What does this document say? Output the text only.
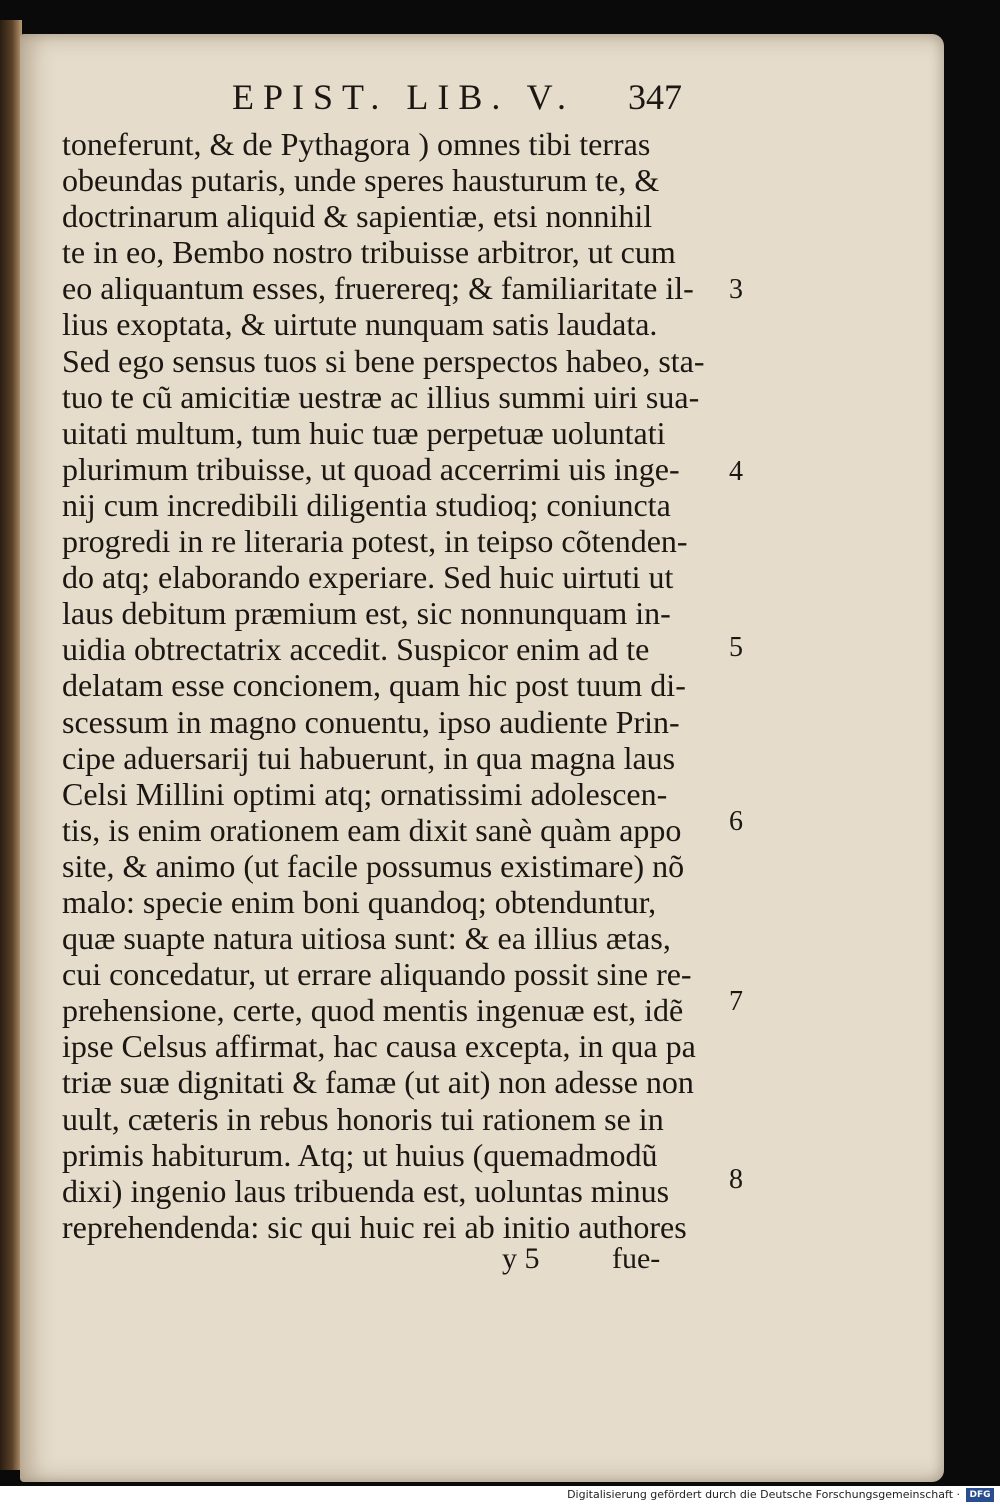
EPIST. LIB. V. 347
toneferunt, & de Pythagora ) omnes tibi terras
obeundas putaris, unde speres hausturum te, &
doctrinarum aliquid & sapientiæ, etsi nonnihil
te in eo, Bembo nostro tribuisse arbitror, ut cum
eo aliquantum esses, fruerereq; & familiaritate il-
lius exoptata, & uirtute nunquam satis laudata.
Sed ego sensus tuos si bene perspectos habeo, sta-
tuo te cũ amicitiæ uestræ ac illius summi uiri sua-
uitati multum, tum huic tuæ perpetuæ uoluntati
plurimum tribuisse, ut quoad accerrimi uis inge-
nij cum incredibili diligentia studioq; coniuncta
progredi in re literaria potest, in teipso cõtenden-
do atq; elaborando experiare. Sed huic uirtuti ut
laus debitum præmium est, sic nonnunquam in-
uidia obtrectatrix accedit. Suspicor enim ad te
delatam esse concionem, quam hic post tuum di-
scessum in magno conuentu, ipso audiente Prin-
cipe aduersarij tui habuerunt, in qua magna laus
Celsi Millini optimi atq; ornatissimi adolescen-
tis, is enim orationem eam dixit sanè quàm appo
site, & animo (ut facile possumus existimare) nõ
malo: specie enim boni quandoq; obtenduntur,
quæ suapte natura uitiosa sunt: & ea illius ætas,
cui concedatur, ut errare aliquando possit sine re-
prehensione, certe, quod mentis ingenuæ est, idẽ
ipse Celsus affirmat, hac causa excepta, in qua pa
triæ suæ dignitati & famæ (ut ait) non adesse non
uult, cæteris in rebus honoris tui rationem se in
primis habiturum. Atq; ut huius (quemadmodũ
dixi) ingenio laus tribuenda est, uoluntas minus
reprehendenda: sic qui huic rei ab initio authores
3
4
5
6
7
8
y 5 fue-
Digitalisierung gefördert durch die Deutsche Forschungsgemeinschaft ·	DFG
